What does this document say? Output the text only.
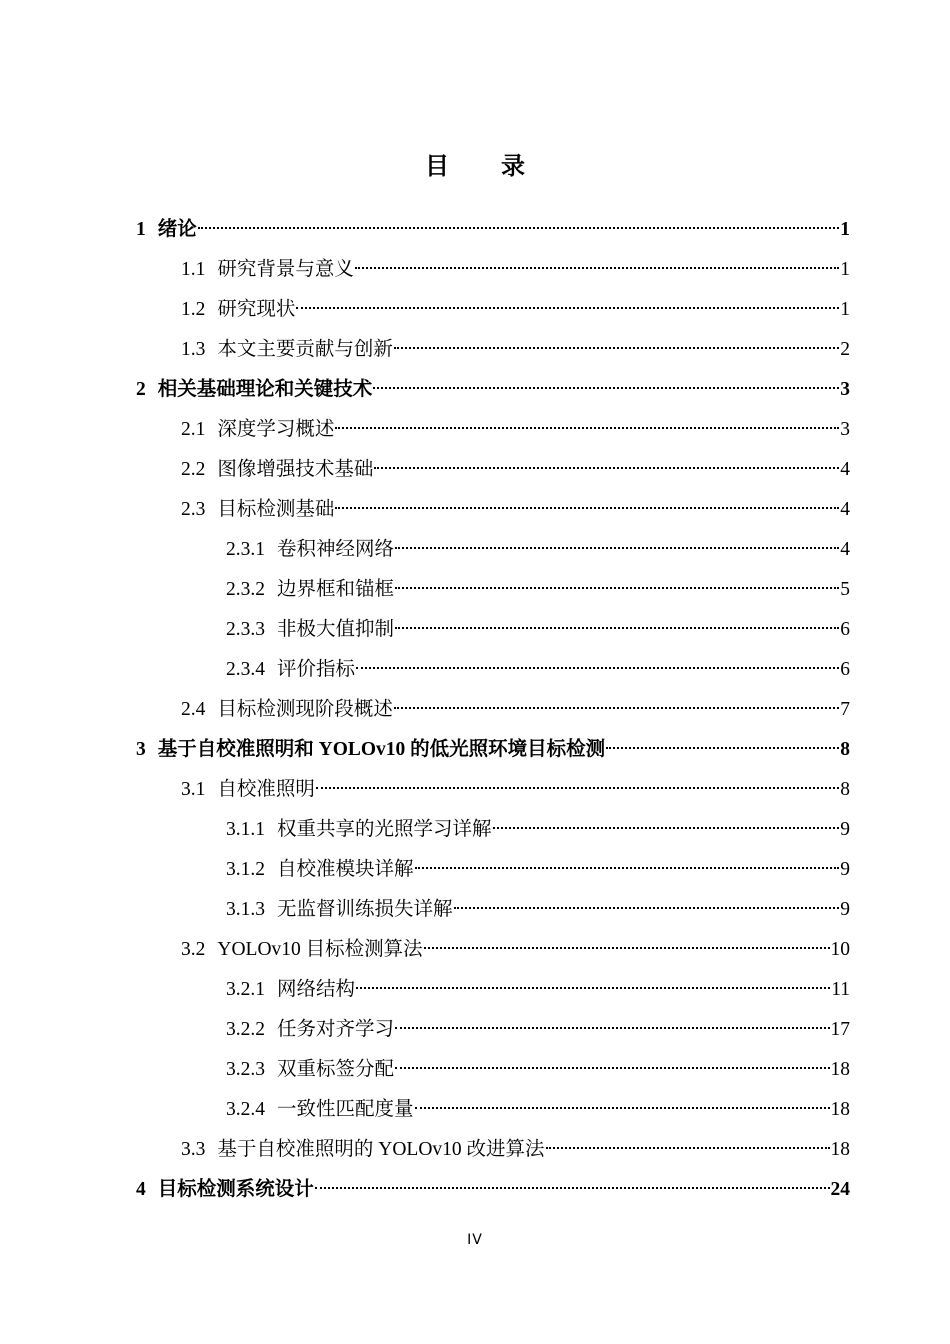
目录
1 绪论	1
1.1 研究背景与意义	1
1.2 研究现状	1
1.3 本文主要贡献与创新	2
2 相关基础理论和关键技术	3
2.1 深度学习概述	3
2.2 图像增强技术基础	4
2.3 目标检测基础	4
2.3.1 卷积神经网络	4
2.3.2 边界框和锚框	5
2.3.3 非极大值抑制	6
2.3.4 评价指标	6
2.4 目标检测现阶段概述	7
3 基于自校准照明和 YOLOv10 的低光照环境目标检测	8
3.1 自校准照明	8
3.1.1 权重共享的光照学习详解	9
3.1.2 自校准模块详解	9
3.1.3 无监督训练损失详解	9
3.2 YOLOv10 目标检测算法	10
3.2.1 网络结构	11
3.2.2 任务对齐学习	17
3.2.3 双重标签分配	18
3.2.4 一致性匹配度量	18
3.3 基于自校准照明的 YOLOv10 改进算法	18
4 目标检测系统设计	24
IV
